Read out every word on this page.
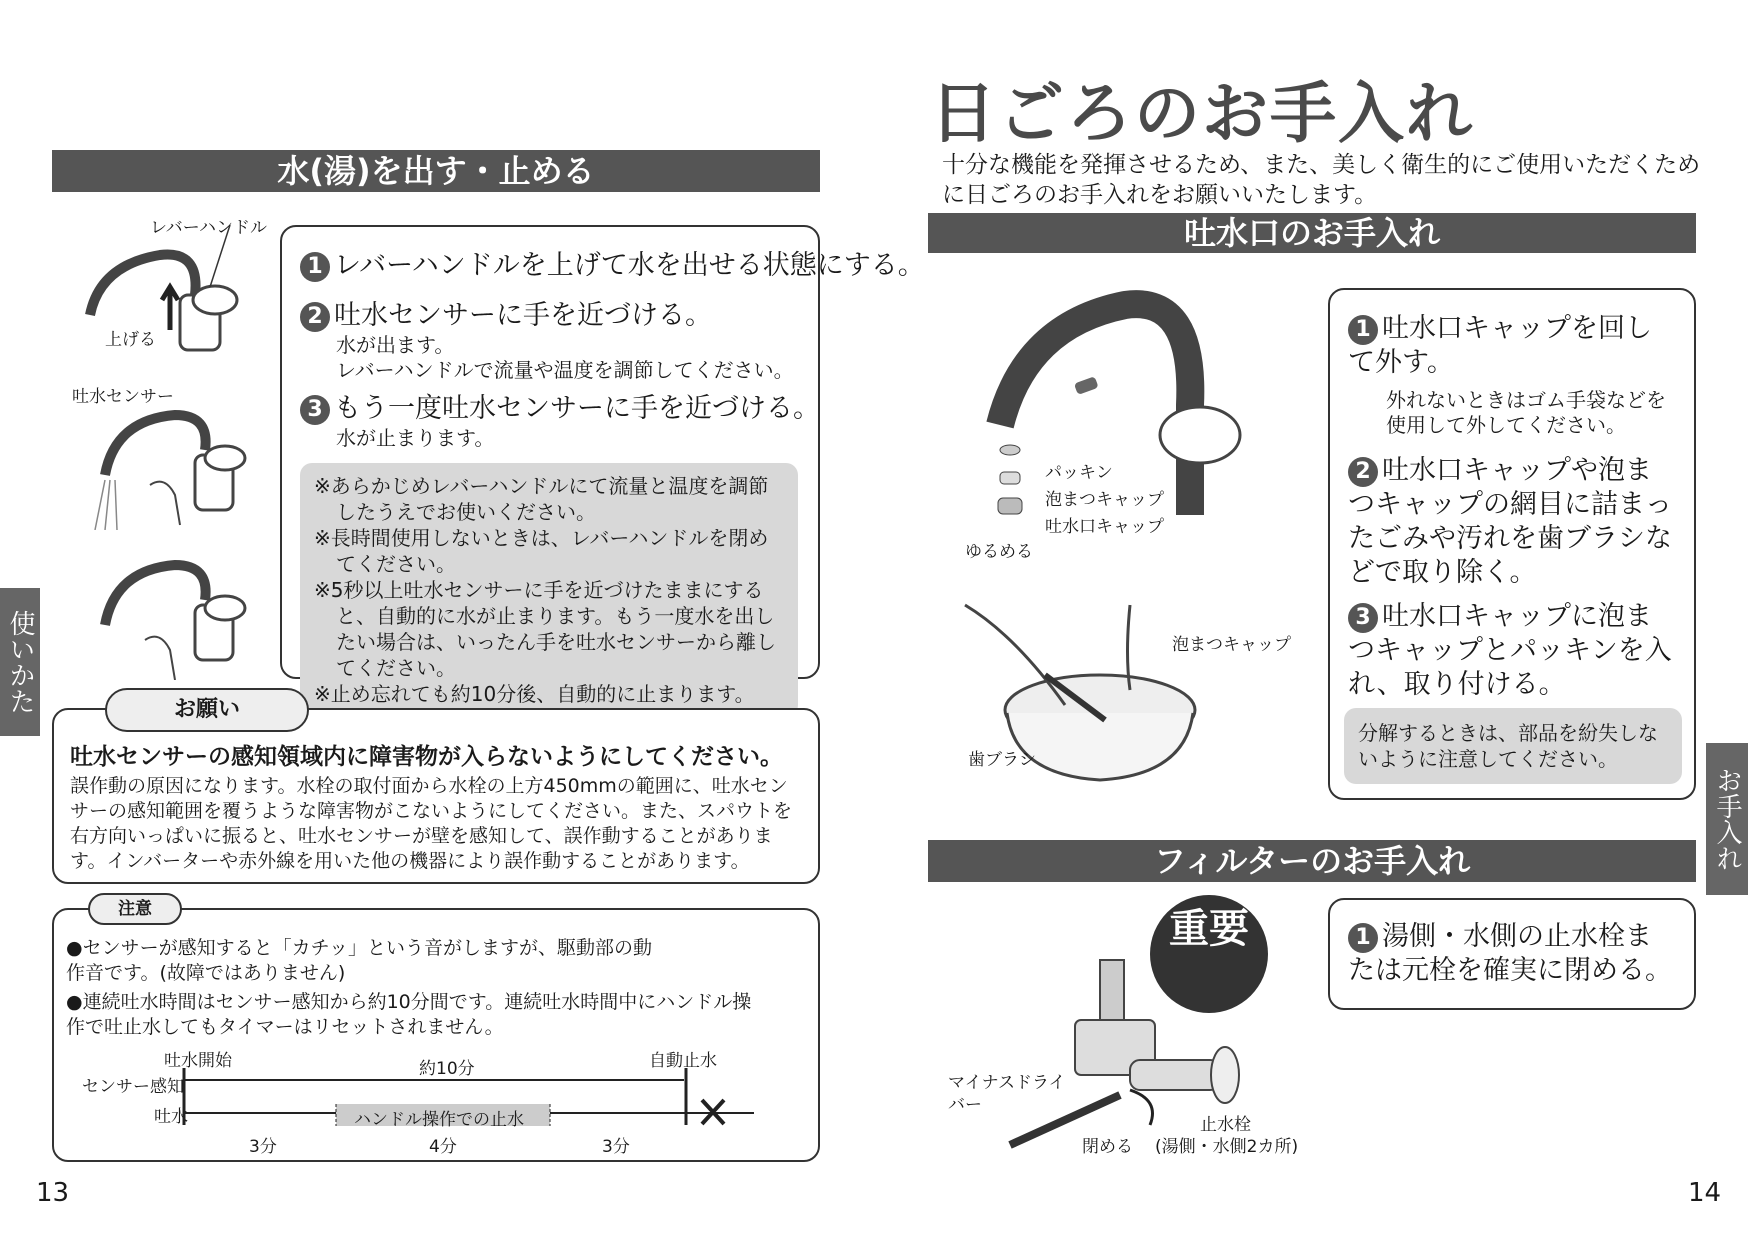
水(湯)を出す・止める
レバーハンドル
上げる
吐水センサー
1 レバーハンドルを上げて水を出せる状態にする。
2 吐水センサーに手を近づける。
水が出ます。
レバーハンドルで流量や温度を調節してください。
3 もう一度吐水センサーに手を近づける。
水が止まります。

※あらかじめレバーハンドルにて流量と温度を調節したうえでお使いください。

※長時間使用しないときは、レバーハンドルを閉めてください。

※5秒以上吐水センサーに手を近づけたままにすると、自動的に水が止まります。もう一度水を出したい場合は、いったん手を吐水センサーから離してください。

※止め忘れても約10分後、自動的に止まります。

吐水センサーの感知領域内に障害物が入らないようにしてください。
誤作動の原因になります。水栓の取付面から水栓の上方450mmの範囲に、吐水センサーの感知範囲を覆うような障害物がこないようにしてください。また、スパウトを右方向いっぱいに振ると、吐水センサーが壁を感知して、誤作動することがあります。インバーターや赤外線を用いた他の機器により誤作動することがあります。
お願い
●センサーが感知すると「カチッ」という音がしますが、駆動部の動作音です。(故障ではありません)
●連続吐水時間はセンサー感知から約10分間です。連続吐水時間中にハンドル操作で吐止水してもタイマーはリセットされません。
吐水開始	自動止水
約10分
センサー感知
吐水	ハンドル操作での止水
3分	4分	3分
注意
使いかた
13
日ごろのお手入れ
十分な機能を発揮させるため、また、美しく衛生的にご使用いただくために日ごろのお手入れをお願いいたします。
吐水口のお手入れ
パッキン
泡まつキャップ
吐水口キャップ
ゆるめる
泡まつキャップ
歯ブラシ
1 吐水口キャップを回して外す。
外れないときはゴム手袋などを使用して外してください。
2 吐水口キャップや泡まつキャップの網目に詰まったごみや汚れを歯ブラシなどで取り除く。
3 吐水口キャップに泡まつキャップとパッキンを入れ、取り付ける。
分解するときは、部品を紛失しないように注意してください。
フィルターのお手入れ
重要
マイナスドライバー
閉める
止水栓
(湯側・水側2カ所)
1 湯側・水側の止水栓または元栓を確実に閉める。
お手入れ
14
